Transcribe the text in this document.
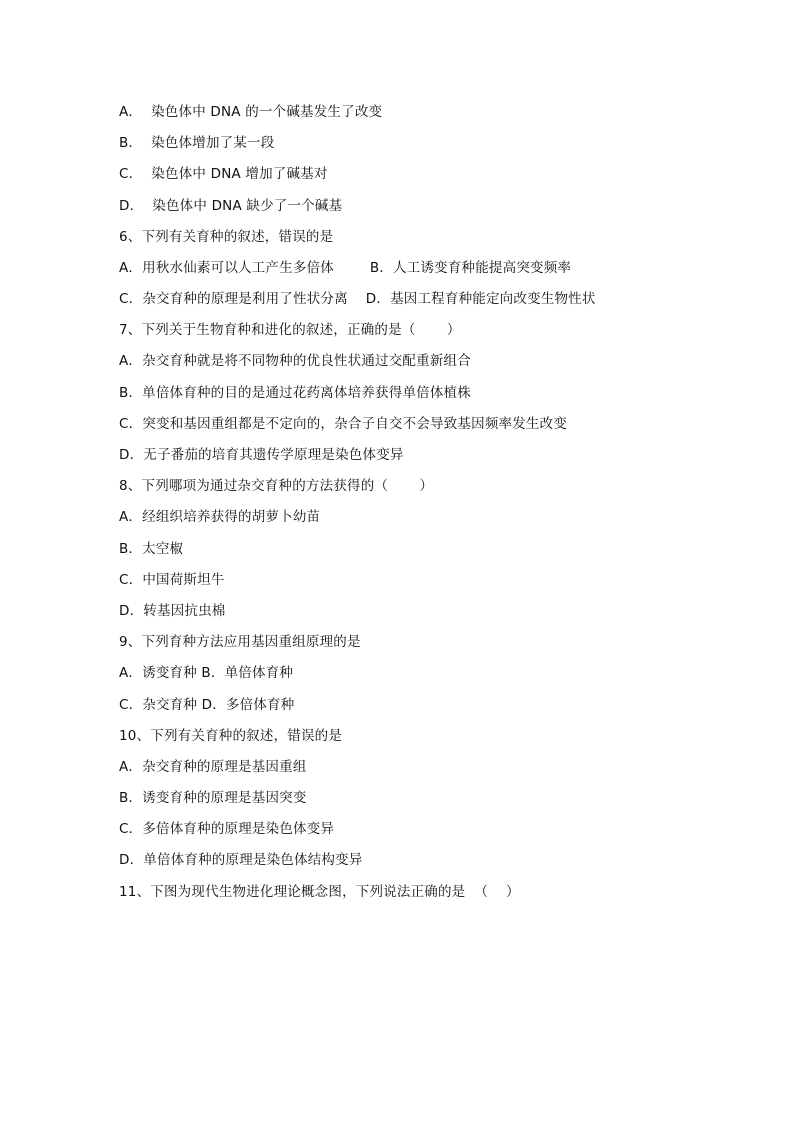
A．  染色体中 DNA 的一个碱基发生了改变
B．  染色体增加了某一段
C．  染色体中 DNA 增加了碱基对
D．  染色体中 DNA 缺少了一个碱基
6、下列有关育种的叙述，错误的是
A．用秋水仙素可以人工产生多倍体        B．人工诱变育种能提高突变频率
C．杂交育种的原理是利用了性状分离    D．基因工程育种能定向改变生物性状
7、下列关于生物育种和进化的叙述，正确的是（       ）
A．杂交育种就是将不同物种的优良性状通过交配重新组合
B．单倍体育种的目的是通过花药离体培养获得单倍体植株
C．突变和基因重组都是不定向的，杂合子自交不会导致基因频率发生改变
D．无子番茄的培育其遗传学原理是染色体变异
8、下列哪项为通过杂交育种的方法获得的（       ）
A．经组织培养获得的胡萝卜幼苗
B．太空椒
C．中国荷斯坦牛
D．转基因抗虫棉
9、下列育种方法应用基因重组原理的是
A．诱变育种 B．单倍体育种
C．杂交育种 D．多倍体育种
10、下列有关育种的叙述，错误的是
A．杂交育种的原理是基因重组
B．诱变育种的原理是基因突变
C．多倍体育种的原理是染色体变异
D．单倍体育种的原理是染色体结构变异
11、下图为现代生物进化理论概念图，下列说法正确的是  （    ）
